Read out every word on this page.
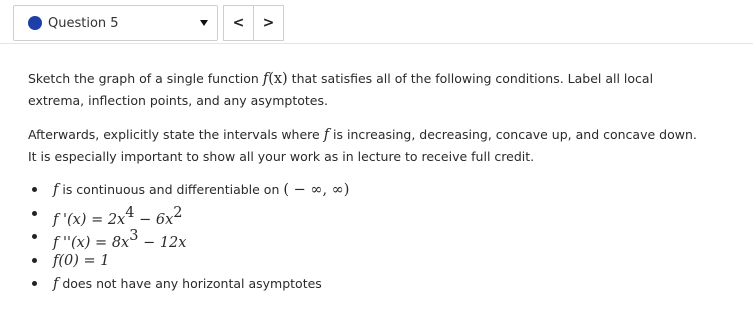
Question 5	<	>

Sketch the graph of a single function f(x) that satisfies all of the following conditions. Label all local
extrema, inflection points, and any asymptotes.

Afterwards, explicitly state the intervals where f is increasing, decreasing, concave up, and concave down.
It is especially important to show all your work as in lecture to receive full credit.

f is continuous and differentiable on ( − ∞, ∞)
f '$(x) = 2x^4 - 6x^2$
f ''$(x) = 8x^3 - 12x$
f(0) = 1
f does not have any horizontal asymptotes
